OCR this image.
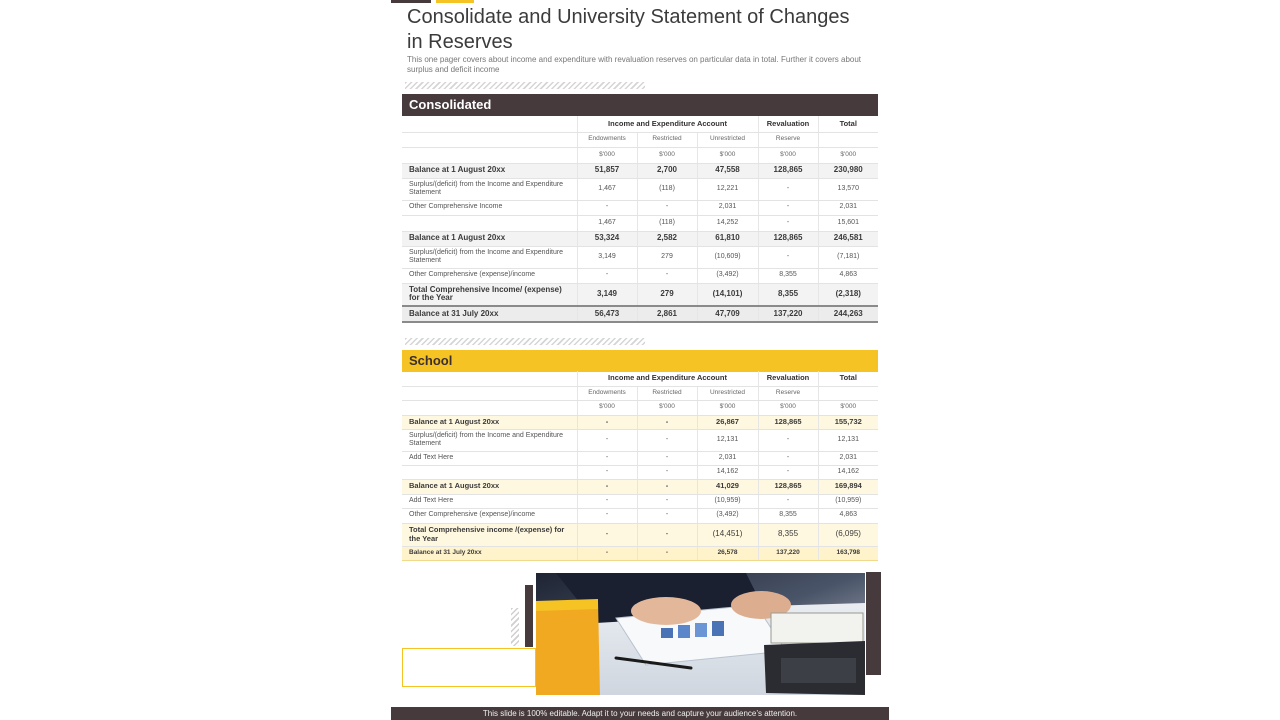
Consolidate and University Statement of Changes in Reserves

This one pager covers about income and expenditure with revaluation reserves on particular data in total. Further it covers about surplus and deficit income

Consolidated
	Income and Expenditure Account			Revaluation	Total
	Endowments	Restricted	Unrestricted	Reserve	
	$'000	$'000	$'000	$'000	$'000
Balance at 1 August 20xx	51,857	2,700	47,558	128,865	230,980
Surplus/(deficit) from the Income and Expenditure Statement	1,467	(118)	12,221	-	13,570
Other Comprehensive Income	-	-	2,031	-	2,031
	1,467	(118)	14,252	-	15,601
Balance at 1 August 20xx	53,324	2,582	61,810	128,865	246,581
Surplus/(deficit) from the Income and Expenditure Statement	3,149	279	(10,609)	-	(7,181)
Other Comprehensive (expense)/income	-	-	(3,492)	8,355	4,863
Total Comprehensive Income/ (expense) for the Year	3,149	279	(14,101)	8,355	(2,318)
Balance at 31 July 20xx	56,473	2,861	47,709	137,220	244,263
School
	Income and Expenditure Account			Revaluation	Total
	Endowments	Restricted	Unrestricted	Reserve	
	$'000	$'000	$'000	$'000	$'000
Balance at 1 August 20xx	-	-	26,867	128,865	155,732
Surplus/(deficit) from the Income and Expenditure Statement	-	-	12,131	-	12,131
Add Text Here	-	-	2,031	-	2,031
	-	-	14,162	-	14,162
Balance at 1 August 20xx	-	-	41,029	128,865	169,894
Add Text Here	-	-	(10,959)	-	(10,959)
Other Comprehensive (expense)/income	-	-	(3,492)	8,355	4,863
Total Comprehensive income /(expense) for the Year	-	-	(14,451)	8,355	(6,095)
Balance at 31 July 20xx	-	-	26,578	137,220	163,798
This slide is 100% editable. Adapt it to your needs and capture your audience’s attention.
